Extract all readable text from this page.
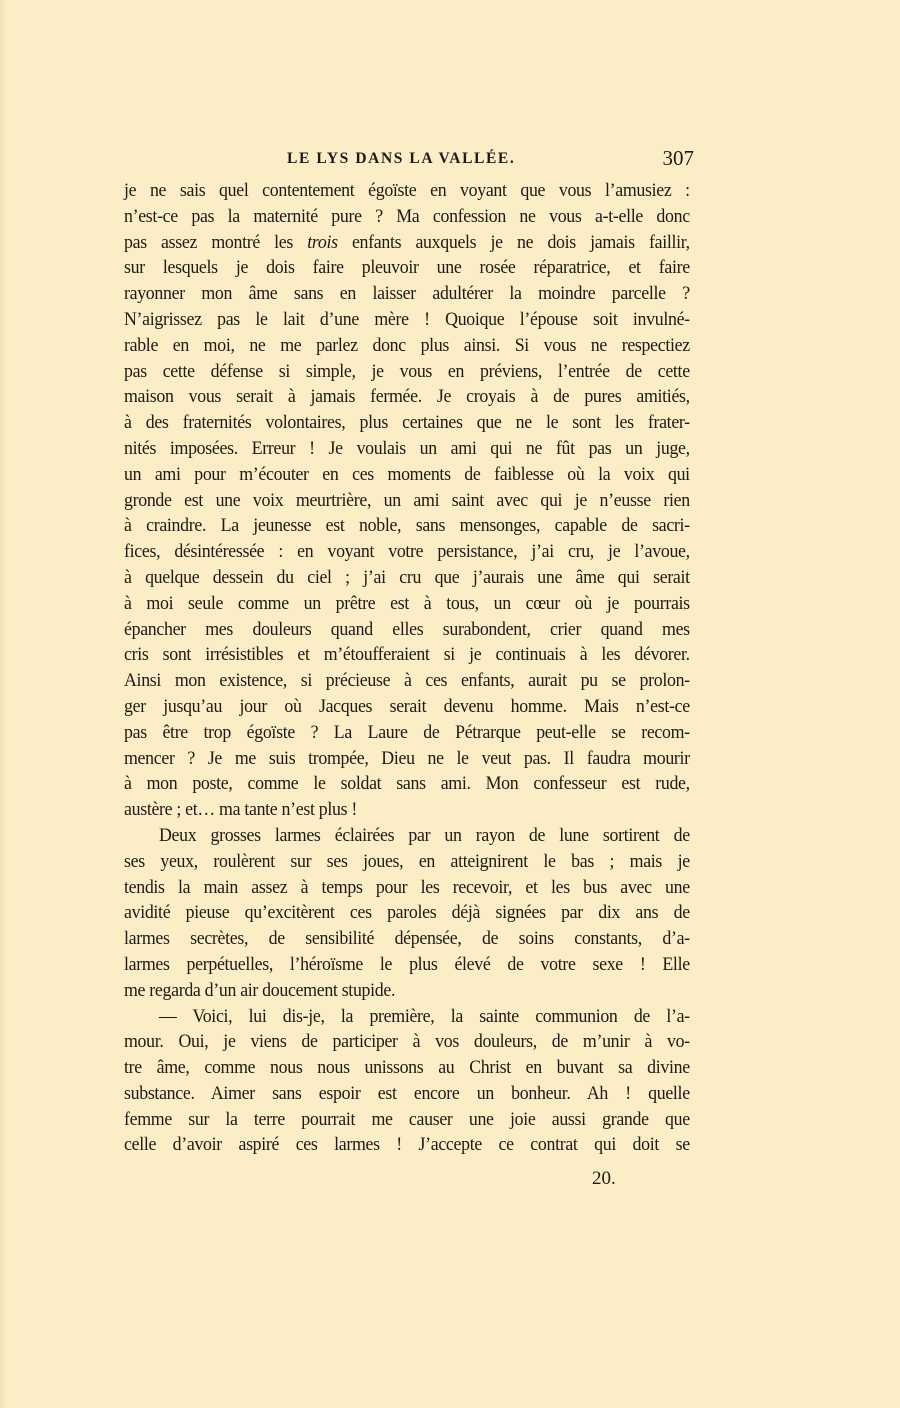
LE LYS DANS LA VALLÉE.	307
je ne sais quel contentement égoïste en voyant que vous l’amusiez :
n’est-ce pas la maternité pure ? Ma confession ne vous a-t-elle donc
pas assez montré les trois enfants auxquels je ne dois jamais faillir,
sur lesquels je dois faire pleuvoir une rosée réparatrice, et faire
rayonner mon âme sans en laisser adultérer la moindre parcelle ?
N’aigrissez pas le lait d’une mère ! Quoique l’épouse soit invulné-
rable en moi, ne me parlez donc plus ainsi. Si vous ne respectiez
pas cette défense si simple, je vous en préviens, l’entrée de cette
maison vous serait à jamais fermée. Je croyais à de pures amitiés,
à des fraternités volontaires, plus certaines que ne le sont les frater-
nités imposées. Erreur ! Je voulais un ami qui ne fût pas un juge,
un ami pour m’écouter en ces moments de faiblesse où la voix qui
gronde est une voix meurtrière, un ami saint avec qui je n’eusse rien
à craindre. La jeunesse est noble, sans mensonges, capable de sacri-
fices, désintéressée : en voyant votre persistance, j’ai cru, je l’avoue,
à quelque dessein du ciel ; j’ai cru que j’aurais une âme qui serait
à moi seule comme un prêtre est à tous, un cœur où je pourrais
épancher mes douleurs quand elles surabondent, crier quand mes
cris sont irrésistibles et m’étoufferaient si je continuais à les dévorer.
Ainsi mon existence, si précieuse à ces enfants, aurait pu se prolon-
ger jusqu’au jour où Jacques serait devenu homme. Mais n’est-ce
pas être trop égoïste ? La Laure de Pétrarque peut-elle se recom-
mencer ? Je me suis trompée, Dieu ne le veut pas. Il faudra mourir
à mon poste, comme le soldat sans ami. Mon confesseur est rude,
austère ; et… ma tante n’est plus !
Deux grosses larmes éclairées par un rayon de lune sortirent de
ses yeux, roulèrent sur ses joues, en atteignirent le bas ; mais je
tendis la main assez à temps pour les recevoir, et les bus avec une
avidité pieuse qu’excitèrent ces paroles déjà signées par dix ans de
larmes secrètes, de sensibilité dépensée, de soins constants, d’a-
larmes perpétuelles, l’héroïsme le plus élevé de votre sexe ! Elle
me regarda d’un air doucement stupide.
— Voici, lui dis-je, la première, la sainte communion de l’a-
mour. Oui, je viens de participer à vos douleurs, de m’unir à vo-
tre âme, comme nous nous unissons au Christ en buvant sa divine
substance. Aimer sans espoir est encore un bonheur. Ah ! quelle
femme sur la terre pourrait me causer une joie aussi grande que
celle d’avoir aspiré ces larmes ! J’accepte ce contrat qui doit se
20.
